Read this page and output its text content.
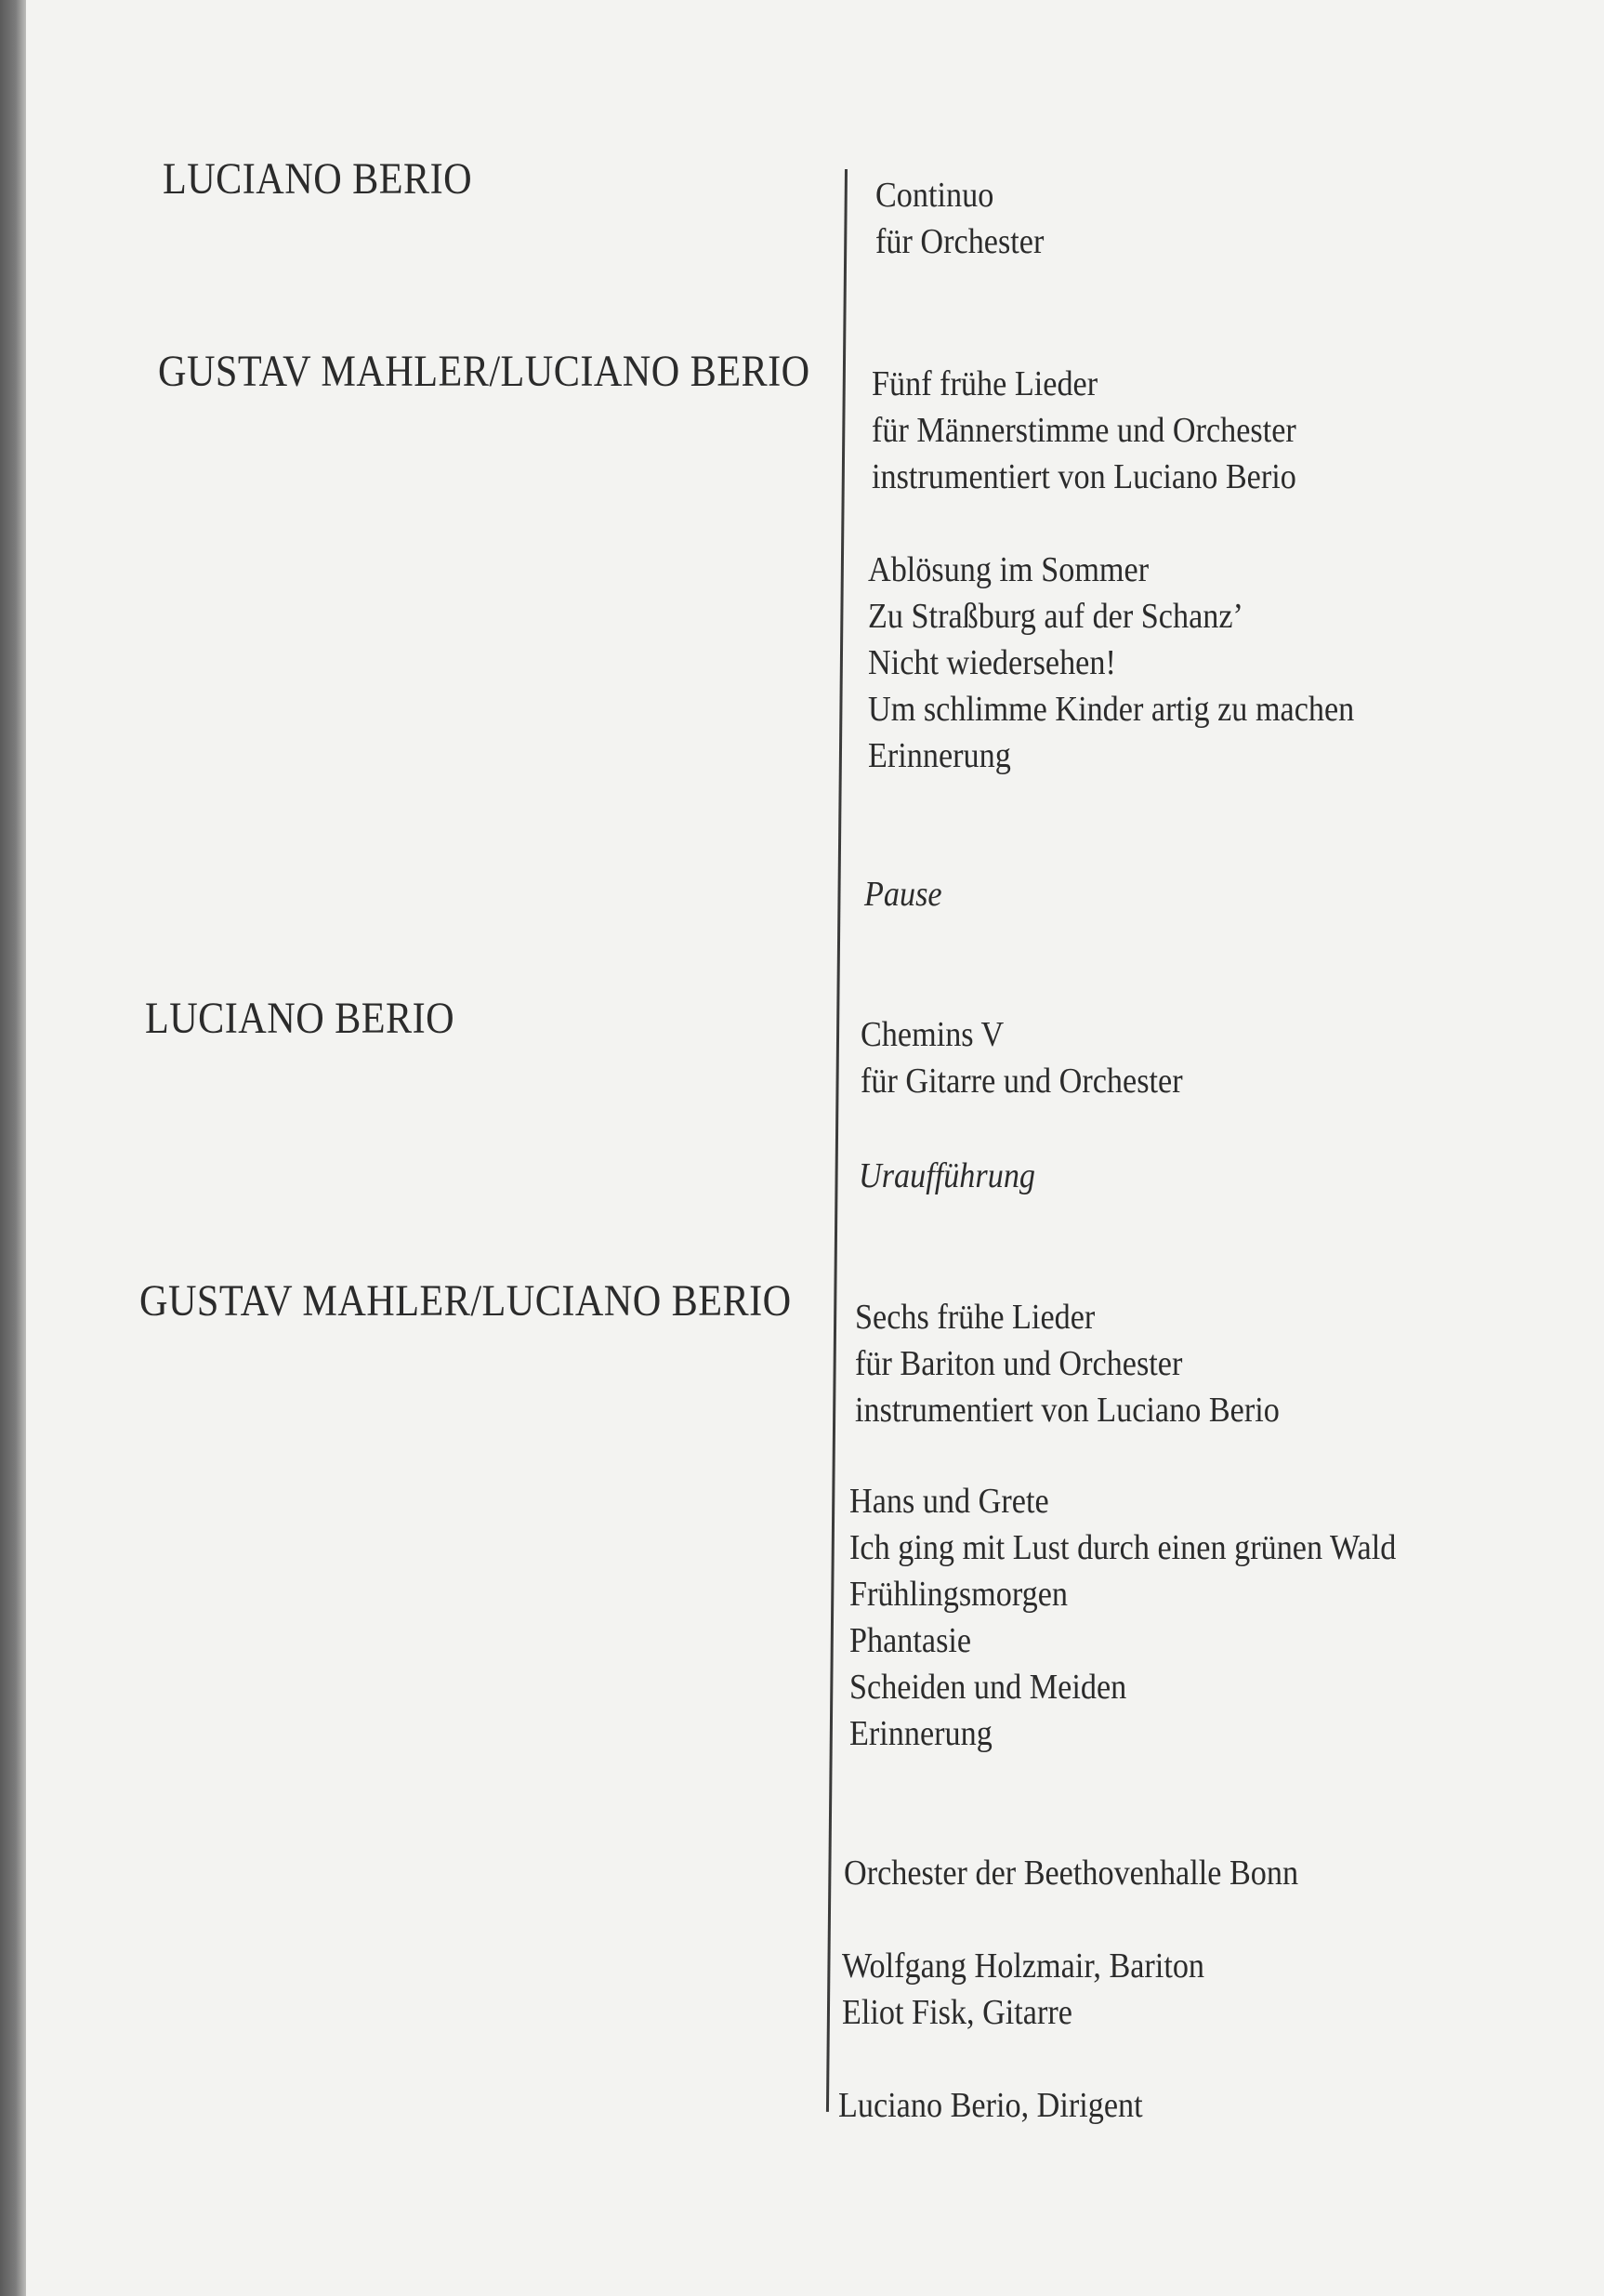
LUCIANO BERIO	Continuo
für Orchester
GUSTAV MAHLER/LUCIANO BERIO Fünf frühe Lieder
für Männerstimme und Orchester
instrumentiert von Luciano Berio
Ablösung im Sommer
Zu Straßburg auf der Schanz’
Nicht wiedersehen!
Um schlimme Kinder artig zu machen
Erinnerung
Pause
LUCIANO BERIO	Chemins V
für Gitarre und Orchester
Uraufführung
GUSTAV MAHLER/LUCIANO BERIO Sechs frühe Lieder
für Bariton und Orchester
instrumentiert von Luciano Berio
Hans und Grete
Ich ging mit Lust durch einen grünen Wald
Frühlingsmorgen
Phantasie
Scheiden und Meiden
Erinnerung
Orchester der Beethovenhalle Bonn
Wolfgang Holzmair, Bariton
Eliot Fisk, Gitarre
Luciano Berio, Dirigent
